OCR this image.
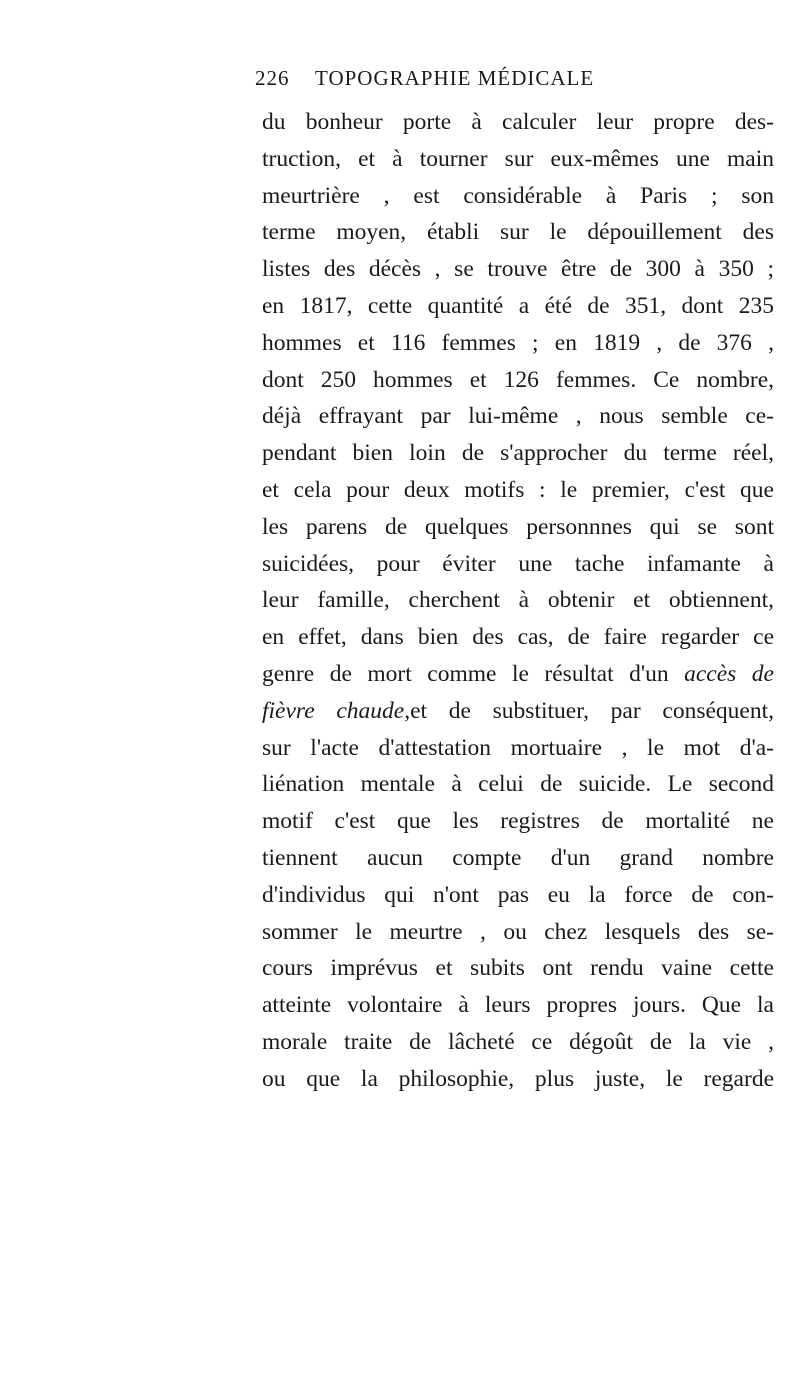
226 TOPOGRAPHIE MÉDICALE
du bonheur porte à calculer leur propre des-
truction, et à tourner sur eux-mêmes une main
meurtrière , est considérable à Paris ; son
terme moyen, établi sur le dépouillement des
listes des décès , se trouve être de 300 à 350 ;
en 1817, cette quantité a été de 351, dont 235
hommes et 116 femmes ; en 1819 , de 376 ,
dont 250 hommes et 126 femmes. Ce nombre,
déjà effrayant par lui-même , nous semble ce-
pendant bien loin de s'approcher du terme réel,
et cela pour deux motifs : le premier, c'est que
les parens de quelques personnnes qui se sont
suicidées, pour éviter une tache infamante à
leur famille, cherchent à obtenir et obtiennent,
en effet, dans bien des cas, de faire regarder ce
genre de mort comme le résultat d'un accès de
fièvre chaude,et de substituer, par conséquent,
sur l'acte d'attestation mortuaire , le mot d'a-
liénation mentale à celui de suicide. Le second
motif c'est que les registres de mortalité ne
tiennent aucun compte d'un grand nombre
d'individus qui n'ont pas eu la force de con-
sommer le meurtre , ou chez lesquels des se-
cours imprévus et subits ont rendu vaine cette
atteinte volontaire à leurs propres jours. Que la
morale traite de lâcheté ce dégoût de la vie ,
ou que la philosophie, plus juste, le regarde
